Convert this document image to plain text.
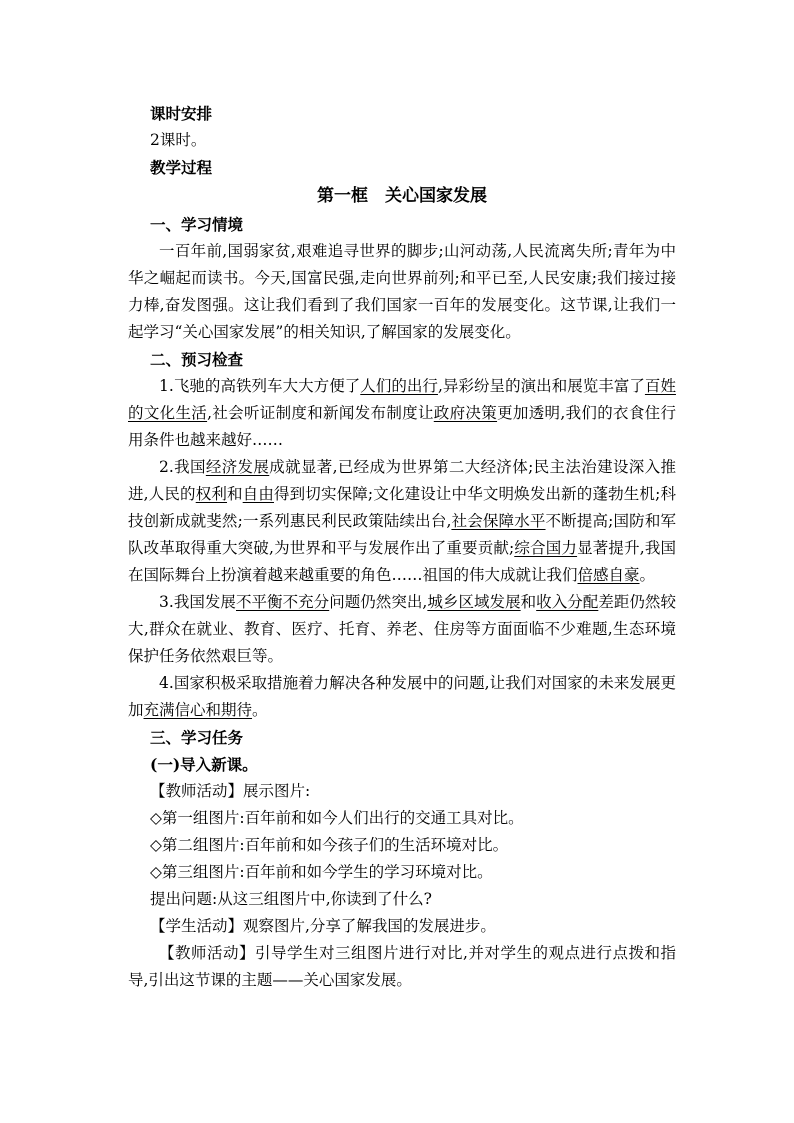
课时安排
2课时。
教学过程
第一框　关心国家发展
一、学习情境

一百年前,国弱家贫,艰难追寻世界的脚步;山河动荡,人民流离失所;青年为中华之崛起而读书。今天,国富民强,走向世界前列;和平已至,人民安康;我们接过接力棒,奋发图强。这让我们看到了我们国家一百年的发展变化。这节课,让我们一起学习“关心国家发展”的相关知识,了解国家的发展变化。

二、预习检查

1.飞驰的高铁列车大大方便了人们的出行,异彩纷呈的演出和展览丰富了百姓的文化生活,社会听证制度和新闻发布制度让政府决策更加透明,我们的衣食住行用条件也越来越好……

2.我国经济发展成就显著,已经成为世界第二大经济体;民主法治建设深入推进,人民的权利和自由得到切实保障;文化建设让中华文明焕发出新的蓬勃生机;科技创新成就斐然;一系列惠民利民政策陆续出台,社会保障水平不断提高;国防和军队改革取得重大突破,为世界和平与发展作出了重要贡献;综合国力显著提升,我国在国际舞台上扮演着越来越重要的角色……祖国的伟大成就让我们倍感自豪。

3.我国发展不平衡不充分问题仍然突出,城乡区域发展和收入分配差距仍然较大,群众在就业、教育、医疗、托育、养老、住房等方面面临不少难题,生态环境保护任务依然艰巨等。

4.国家积极采取措施着力解决各种发展中的问题,让我们对国家的未来发展更加充满信心和期待。

三、学习任务
(一)导入新课。
【教师活动】展示图片:
◇第一组图片:百年前和如今人们出行的交通工具对比。
◇第二组图片:百年前和如今孩子们的生活环境对比。
◇第三组图片:百年前和如今学生的学习环境对比。
提出问题:从这三组图片中,你读到了什么?
【学生活动】观察图片,分享了解我国的发展进步。

【教师活动】引导学生对三组图片进行对比,并对学生的观点进行点拨和指导,引出这节课的主题——关心国家发展。
